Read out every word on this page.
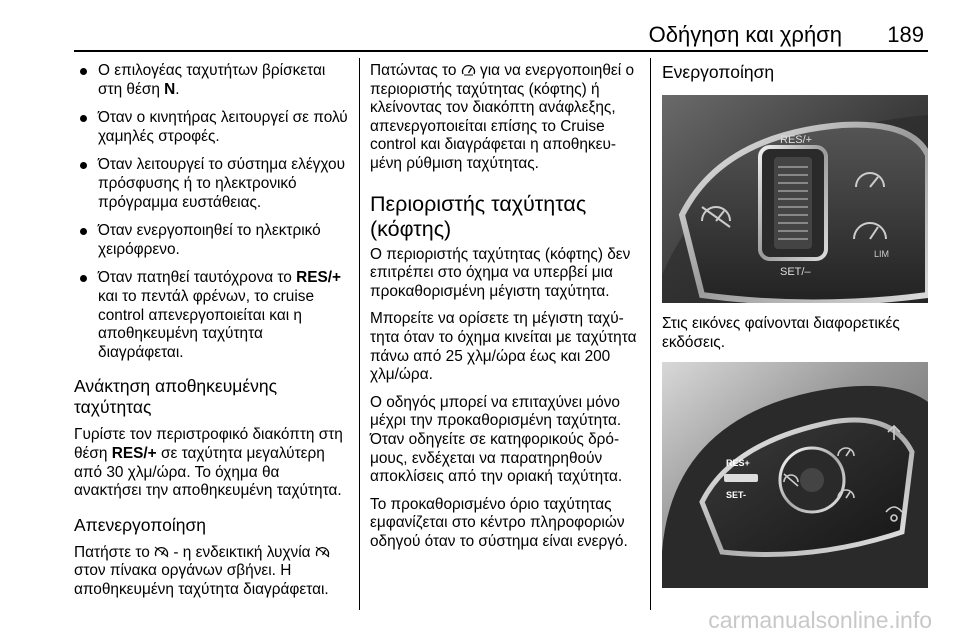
Οδήγηση και χρήση 189
Ο επιλογέας ταχυτήτων βρίσκεται στη θέση N.
Όταν ο κινητήρας λειτουργεί σε πολύ χαμηλές στροφές.
Όταν λειτουργεί το σύστημα ελέγχου πρόσφυσης ή το ηλεκτρονικό πρόγραμμα ευστάθειας.
Όταν ενεργοποιηθεί το ηλεκτρικό χειρόφρενο.
Όταν πατηθεί ταυτόχρονα το RES/+ και το πεντάλ φρένων, το cruise control απενεργοποιείται και η αποθηκευμένη ταχύτητα διαγράφεται.
Ανάκτηση αποθηκευμένης ταχύτητας

Γυρίστε τον περιστροφικό διακόπτη στη θέση RES/+ σε ταχύτητα μεγαλύτερη από 30 χλμ/ώρα. Το όχημα θα ανακτήσει την αποθηκευμένη ταχύτητα.

Απενεργοποίηση

Πατήστε το  - η ενδεικτική λυχνία  στον πίνακα οργάνων σβήνει. Η αποθηκευμένη ταχύτητα διαγράφεται.

Πατώντας το  για να ενεργοποιηθεί ο περιοριστής ταχύτητας (κόφτης) ή κλείνοντας τον διακόπτη ανάφλεξης, απενεργοποιείται επίσης το Cruise control και διαγράφεται η αποθηκευμένη ρύθμιση ταχύτητας.

Περιοριστής ταχύτητας (κόφτης)

Ο περιοριστής ταχύτητας (κόφτης) δεν επιτρέπει στο όχημα να υπερβεί μια προκαθορισμένη μέγιστη ταχύτητα.

Μπορείτε να ορίσετε τη μέγιστη ταχύτητα όταν το όχημα κινείται με ταχύτητα πάνω από 25 χλμ/ώρα έως και 200 χλμ/ώρα.

Ο οδηγός μπορεί να επιταχύνει μόνο μέχρι την προκαθορισμένη ταχύτητα. Όταν οδηγείτε σε κατηφορικούς δρόμους, ενδέχεται να παρατηρηθούν αποκλίσεις από την οριακή ταχύτητα.

Το προκαθορισμένο όριο ταχύτητας εμφανίζεται στο κέντρο πληροφοριών οδηγού όταν το σύστημα είναι ενεργό.

Ενεργοποίηση
RES/+
SET/–
LIM

Στις εικόνες φαίνονται διαφορετικές εκδόσεις.

RES+
SET-
carmanualsonline.info
